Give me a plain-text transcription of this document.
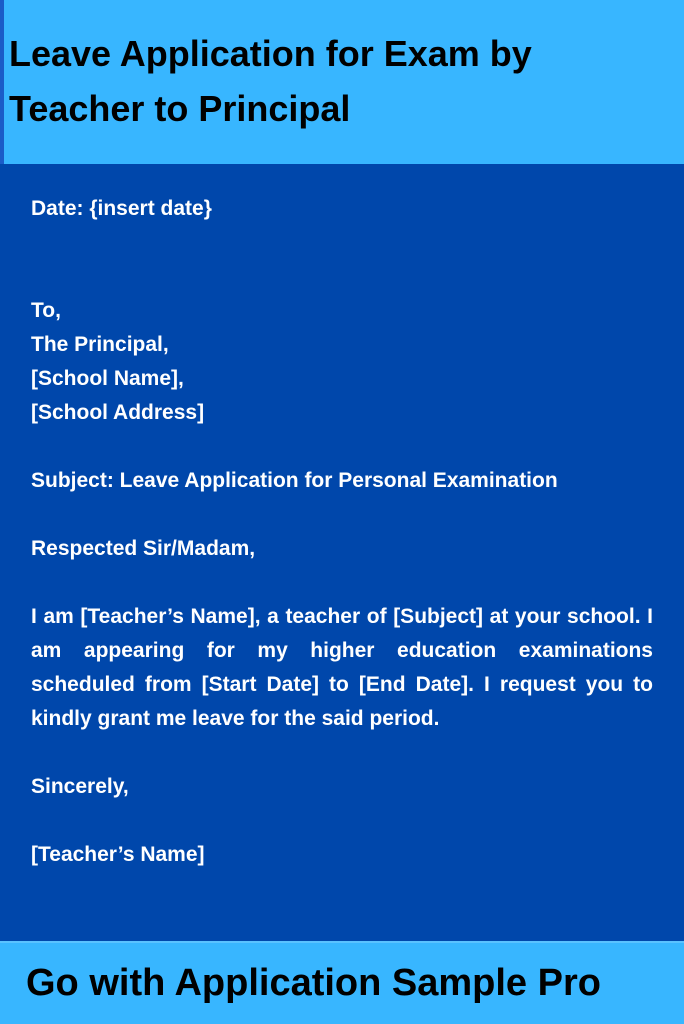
Leave Application for Exam by Teacher to Principal

Date: {insert date}

To,

The Principal,

[School Name],

[School Address]

Subject: Leave Application for Personal Examination

Respected Sir/Madam,

I am [Teacher’s Name], a teacher of [Subject] at your school. I am appearing for my higher education examinations scheduled from [Start Date] to [End Date]. I request you to kindly grant me leave for the said period.

Sincerely,

[Teacher’s Name]

Go with Application Sample Pro
